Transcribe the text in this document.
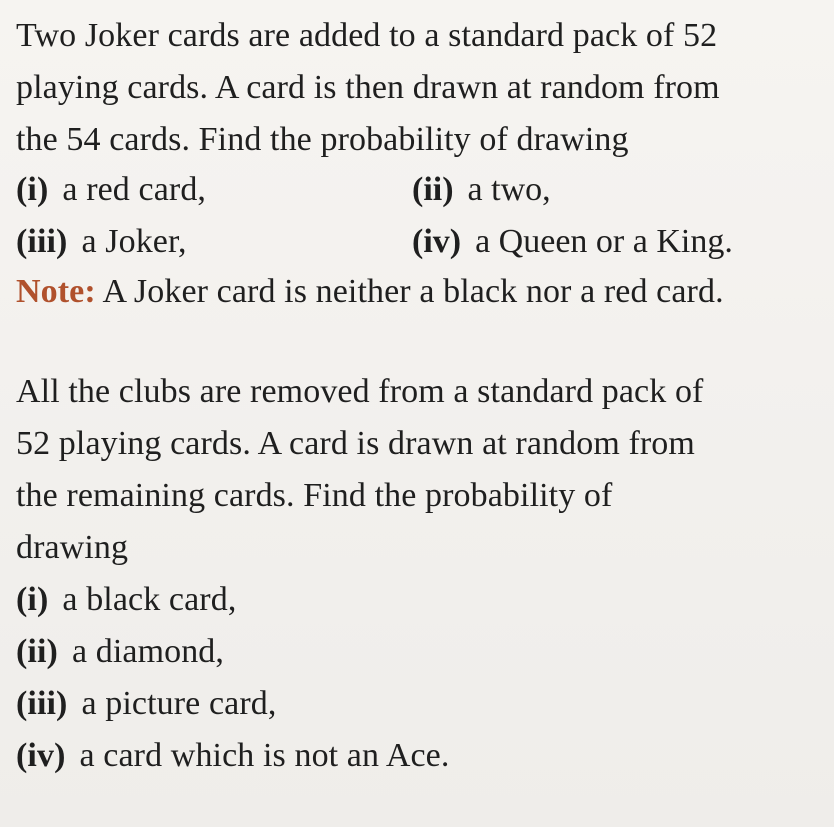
Two Joker cards are added to a standard pack of 52
playing cards. A card is then drawn at random from
the 54 cards. Find the probability of drawing
(i) a red card,	(ii) a two,
(iii) a Joker,	(iv) a Queen or a King.
Note: A Joker card is neither a black nor a red card.
All the clubs are removed from a standard pack of
52 playing cards. A card is drawn at random from
the remaining cards. Find the probability of
drawing
(i) a black card,
(ii) a diamond,
(iii) a picture card,
(iv) a card which is not an Ace.
